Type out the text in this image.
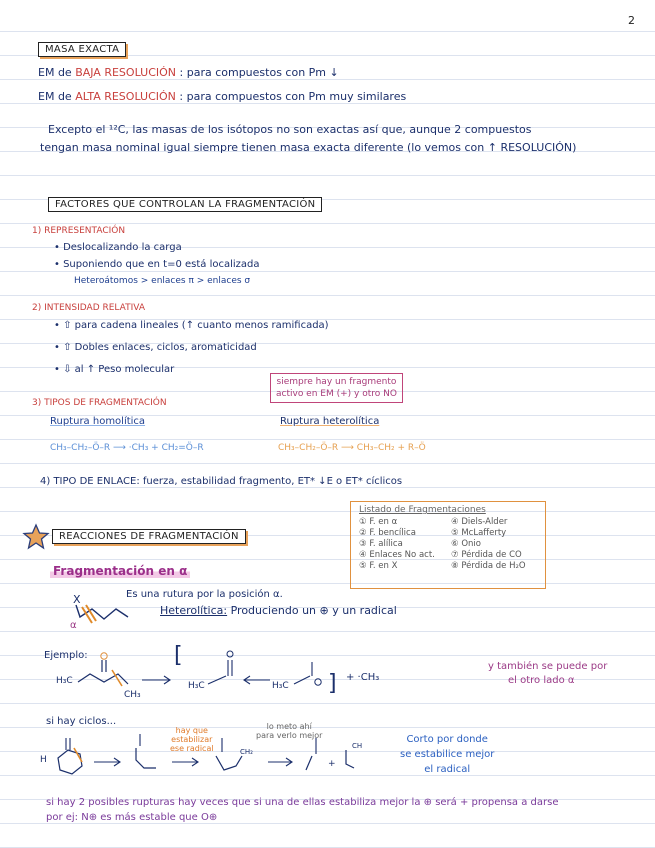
2
MASA EXACTA
EM de BAJA RESOLUCIÓN : para compuestos con Pm ↓
EM de ALTA RESOLUCIÓN : para compuestos con Pm muy similares
Excepto el ¹²C, las masas de los isótopos no son exactas así que, aunque 2 compuestos
tengan masa nominal igual siempre tienen masa exacta diferente (lo vemos con ↑ RESOLUCIÓN)
FACTORES QUE CONTROLAN LA FRAGMENTACIÓN
1) REPRESENTACIÓN
• Deslocalizando la carga
• Suponiendo que en t=0 está localizada
Heteroátomos > enlaces π > enlaces σ
2) INTENSIDAD RELATIVA
• ⇧ para cadena lineales (↑ cuanto menos ramificada)
• ⇧ Dobles enlaces, ciclos, aromaticidad
• ⇩ al ↑ Peso molecular
siempre hay un fragmento
activo en EM (+) y otro NO
3) TIPOS DE FRAGMENTACIÓN
Ruptura homolítica	Ruptura heterolítica
CH₃–CH₂–Ö–R ⟶ ·CH₃ + CH₂=Ö–R	CH₃–CH₂–Ö–R ⟶ CH₃–CH₂ + R–Ö
4) TIPO DE ENLACE: fuerza, estabilidad fragmento, ET* ↓E o ET* cíclicos
Listado de Fragmentaciones
① F. en α	④ Diels-Alder
② F. bencílica	⑤ McLafferty
③ F. alílica	⑥ Onio
④ Enlaces No act.	⑦ Pérdida de CO
⑤ F. en X	⑧ Pérdida de H₂O
REACCIONES DE FRAGMENTACIÓN
Fragmentación en α
X
α
Es una rutura por la posición α.
Heterolítica: Produciendo un ⊕ y un radical
Ejemplo:
H₃C
CH₃
[
H₃C	H₃C ] + ·CH₃
y también se puede por
el otro lado α
si hay ciclos...
hay que
estabilizar
ese radical
lo meto ahí
para verlo mejor
H
CH₂
+
CH
Corto por donde
se estabilice mejor
el radical
si hay 2 posibles rupturas hay veces que si una de ellas estabiliza mejor la ⊕ será + propensa a darse
por ej: N⊕ es más estable que O⊕
